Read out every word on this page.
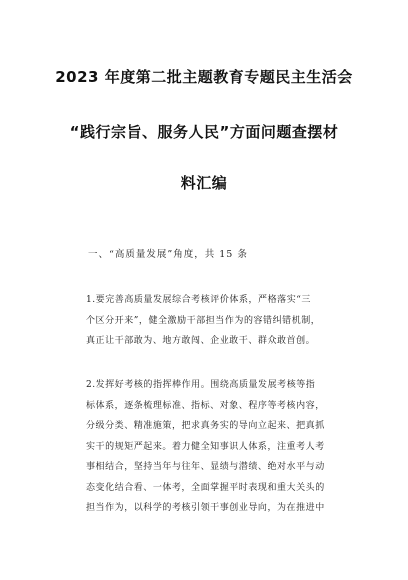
2023 年度第二批主题教育专题民主生活会
“践行宗旨、服务人民”方面问题查摆材
料汇编
一、“高质量发展”角度，共 15 条
1.要完善高质量发展综合考核评价体系，严格落实“三
个区分开来”，健全激励干部担当作为的容错纠错机制，
真正让干部敢为、地方敢闯、企业敢干、群众敢首创。
2.发挥好考核的指挥棒作用。围绕高质量发展考核等指
标体系，逐条梳理标准、指标、对象、程序等考核内容，
分级分类、精准施策，把求真务实的导向立起来、把真抓
实干的规矩严起来。着力健全知事识人体系，注重考人考
事相结合，坚持当年与往年、显绩与潜绩、绝对水平与动
态变化结合看、一体考，全面掌握平时表现和重大关头的
担当作为，以科学的考核引领干事创业导向，为在推进中
